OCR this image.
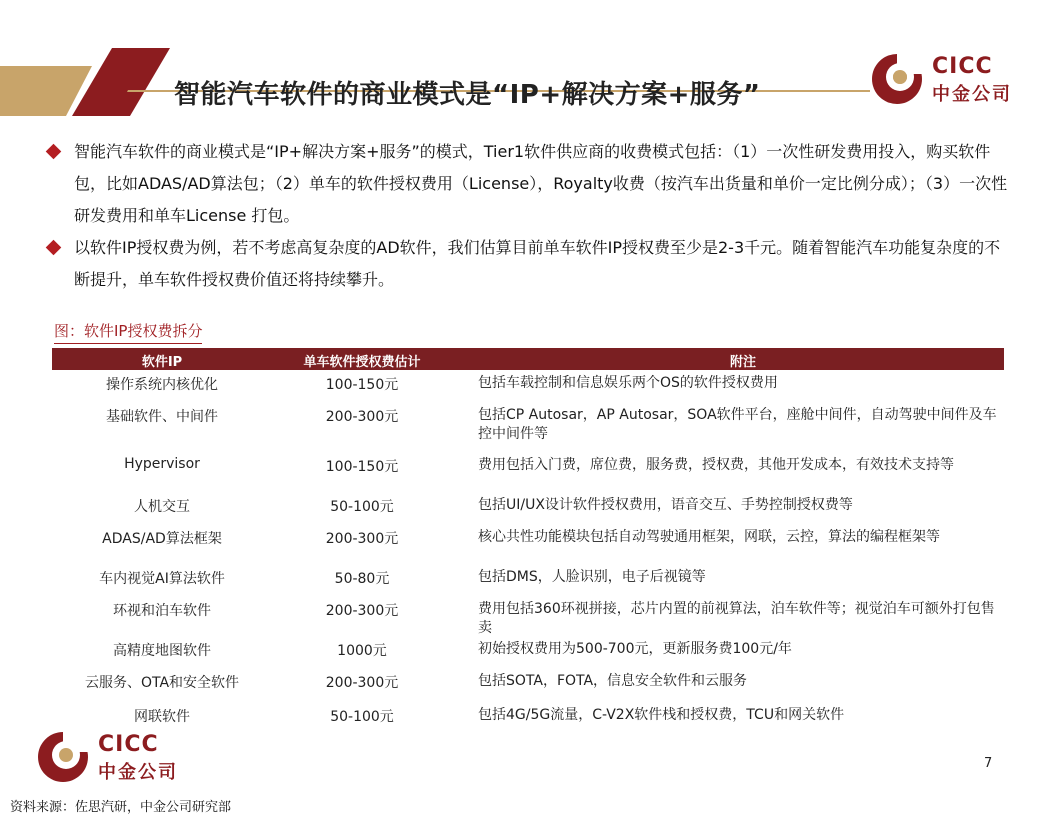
智能汽车软件的商业模式是“IP+解决方案+服务”
CICC
中金公司
智能汽车软件的商业模式是“IP+解决方案+服务”的模式，Tier1软件供应商的收费模式包括：（1）一次性研发费用投入，购买软件包，比如ADAS/AD算法包；（2）单车的软件授权费用（License），Royalty收费（按汽车出货量和单价一定比例分成）；（3）一次性研发费用和单车License 打包。
以软件IP授权费为例，若不考虑高复杂度的AD软件，我们估算目前单车软件IP授权费至少是2-3千元。随着智能汽车功能复杂度的不断提升，单车软件授权费价值还将持续攀升。
图：软件IP授权费拆分
软件IP	单车软件授权费估计	附注
操作系统内核优化	100-150元	包括车载控制和信息娱乐两个OS的软件授权费用
基础软件、中间件	200-300元	包括CP Autosar，AP Autosar，SOA软件平台，座舱中间件，自动驾驶中间件及车控中间件等
Hypervisor	100-150元	费用包括入门费，席位费，服务费，授权费，其他开发成本，有效技术支持等
人机交互	50-100元	包括UI/UX设计软件授权费用，语音交互、手势控制授权费等
ADAS/AD算法框架	200-300元	核心共性功能模块包括自动驾驶通用框架，网联，云控，算法的编程框架等
车内视觉AI算法软件	50-80元	包括DMS，人脸识别，电子后视镜等
环视和泊车软件	200-300元	费用包括360环视拼接，芯片内置的前视算法，泊车软件等；视觉泊车可额外打包售卖
高精度地图软件	1000元	初始授权费用为500-700元，更新服务费100元/年
云服务、OTA和安全软件	200-300元	包括SOTA，FOTA，信息安全软件和云服务
网联软件	50-100元	包括4G/5G流量，C-V2X软件栈和授权费，TCU和网关软件
7
CICC
中金公司
资料来源：佐思汽研，中金公司研究部
